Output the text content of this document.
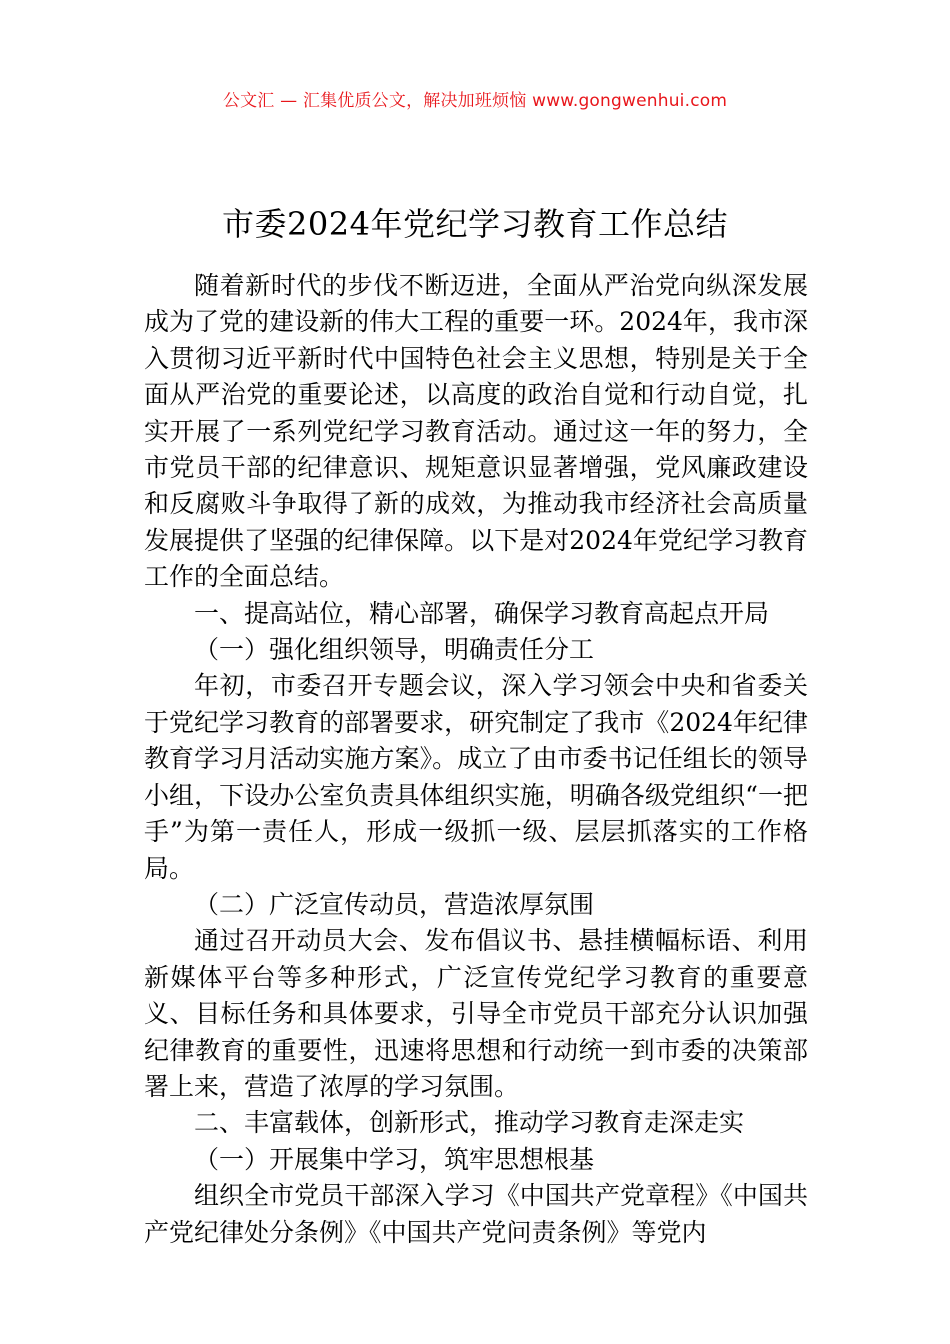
公文汇 — 汇集优质公文，解决加班烦恼 www.gongwenhui.com
市委2024年党纪学习教育工作总结

随着新时代的步伐不断迈进，全面从严治党向纵深发展成为了党的建设新的伟大工程的重要一环。2024年，我市深入贯彻习近平新时代中国特色社会主义思想，特别是关于全面从严治党的重要论述，以高度的政治自觉和行动自觉，扎实开展了一系列党纪学习教育活动。通过这一年的努力，全市党员干部的纪律意识、规矩意识显著增强，党风廉政建设和反腐败斗争取得了新的成效，为推动我市经济社会高质量发展提供了坚强的纪律保障。以下是对2024年党纪学习教育工作的全面总结。

一、提高站位，精心部署，确保学习教育高起点开局

（一）强化组织领导，明确责任分工

年初，市委召开专题会议，深入学习领会中央和省委关于党纪学习教育的部署要求，研究制定了我市《2024年纪律教育学习月活动实施方案》。成立了由市委书记任组长的领导小组，下设办公室负责具体组织实施，明确各级党组织“一把手”为第一责任人，形成一级抓一级、层层抓落实的工作格局。

（二）广泛宣传动员，营造浓厚氛围

通过召开动员大会、发布倡议书、悬挂横幅标语、利用新媒体平台等多种形式，广泛宣传党纪学习教育的重要意义、目标任务和具体要求，引导全市党员干部充分认识加强纪律教育的重要性，迅速将思想和行动统一到市委的决策部署上来，营造了浓厚的学习氛围。

二、丰富载体，创新形式，推动学习教育走深走实

（一）开展集中学习，筑牢思想根基

组织全市党员干部深入学习《中国共产党章程》《中国共产党纪律处分条例》《中国共产党问责条例》等党内
